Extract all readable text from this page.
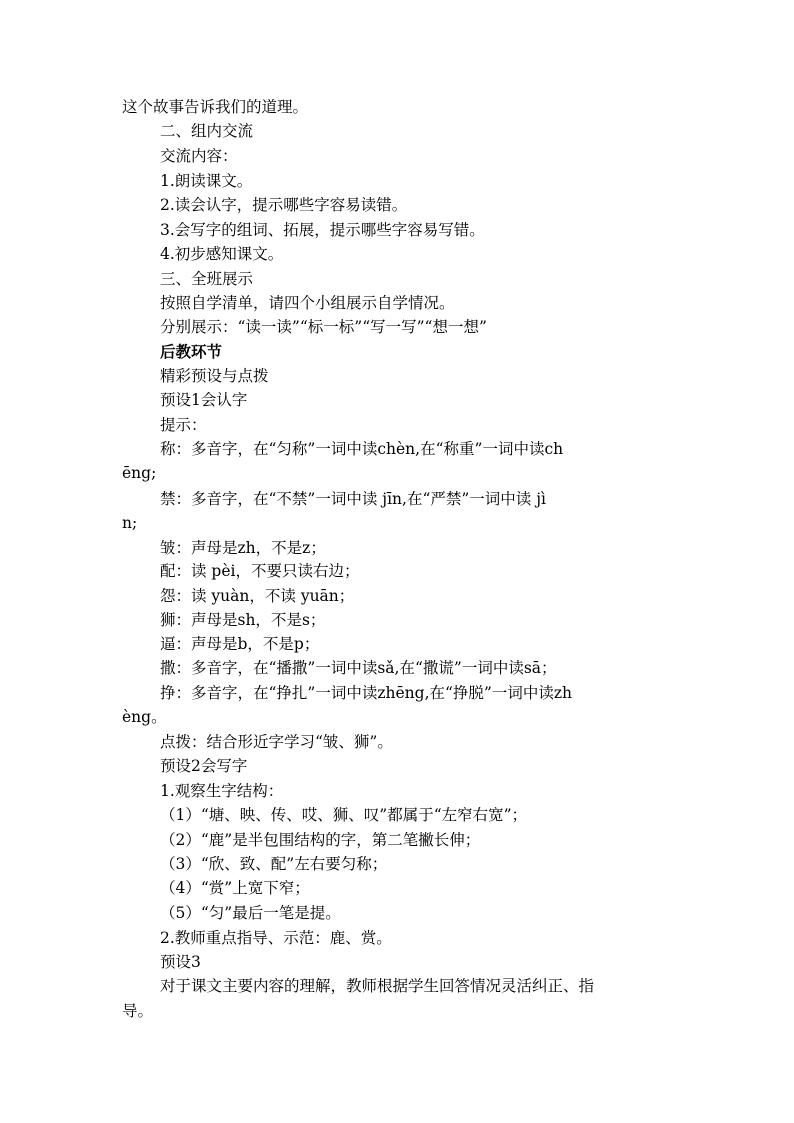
这个故事告诉我们的道理。
二、组内交流
交流内容：
1.朗读课文。
2.读会认字，提示哪些字容易读错。
3.会写字的组词、拓展，提示哪些字容易写错。
4.初步感知课文。
三、全班展示
按照自学清单，请四个小组展示自学情况。
分别展示：“读一读”“标一标”“写一写”“想一想”
后教环节
精彩预设与点拨
预设1会认字
提示：
称：多音字，在“匀称”一词中读chèn,在“称重”一词中读ch
ēng;
禁：多音字，在“不禁”一词中读 jīn,在“严禁”一词中读 jì
n;
皱：声母是zh，不是z；
配：读 pèi，不要只读右边；
怨：读 yuàn，不读 yuān；
狮：声母是sh，不是s；
逼：声母是b，不是p；
撒：多音字，在“播撒”一词中读sǎ,在“撒谎”一词中读sā；
挣：多音字，在“挣扎”一词中读zhēng,在“挣脱”一词中读zh
èng。
点拨：结合形近字学习“皱、狮”。
预设2会写字
1.观察生字结构：
（1）“塘、映、传、哎、狮、叹”都属于“左窄右宽”；
（2）“鹿”是半包围结构的字，第二笔撇长伸；
（3）“欣、致、配”左右要匀称；
（4）“赏”上宽下窄；
（5）“匀”最后一笔是提。
2.教师重点指导、示范：鹿、赏。
预设3
对于课文主要内容的理解，教师根据学生回答情况灵活纠正、指
导。
